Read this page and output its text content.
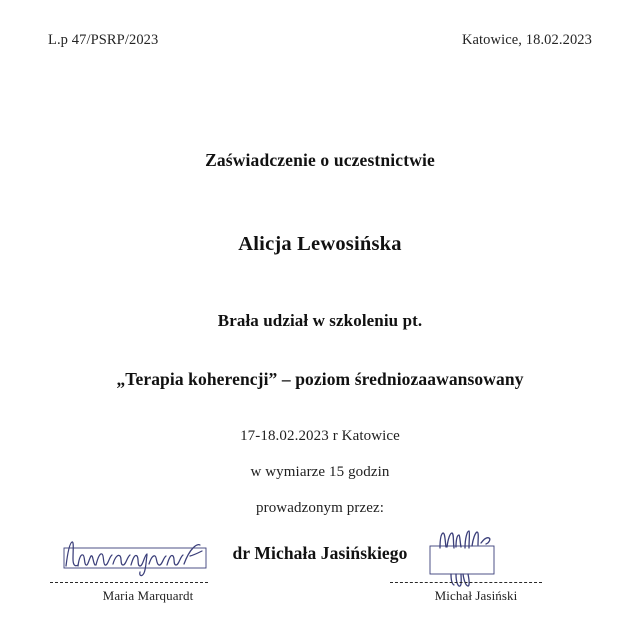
L.p 47/PSRP/2023	Katowice, 18.02.2023
Zaświadczenie o uczestnictwie
Alicja Lewosińska
Brała udział w szkoleniu pt.
„Terapia koherencji” – poziom średniozaawansowany
17-18.02.2023 r Katowice
w wymiarze 15 godzin
prowadzonym przez:
dr Michała Jasińskiego
Maria Marquardt	Michał Jasiński
